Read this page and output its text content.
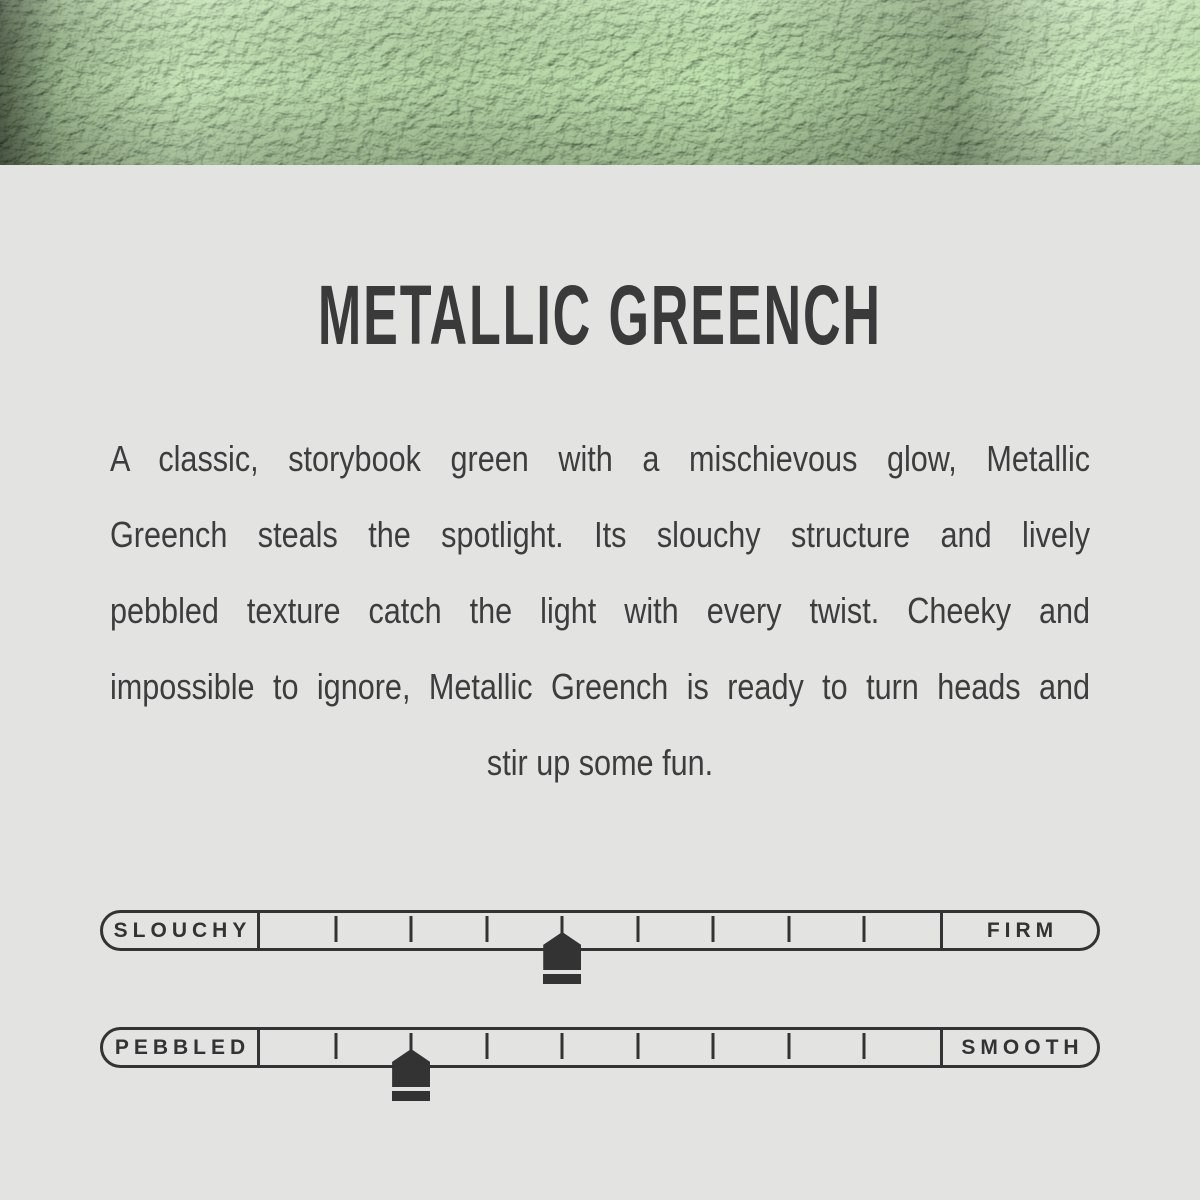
METALLIC GREENCH
A classic, storybook green with a mischievous glow, Metallic
Greench steals the spotlight. Its slouchy structure and lively
pebbled texture catch the light with every twist. Cheeky and
impossible to ignore, Metallic Greench is ready to turn heads and
stir up some fun.
SLOUCHY	FIRM
PEBBLED	SMOOTH
